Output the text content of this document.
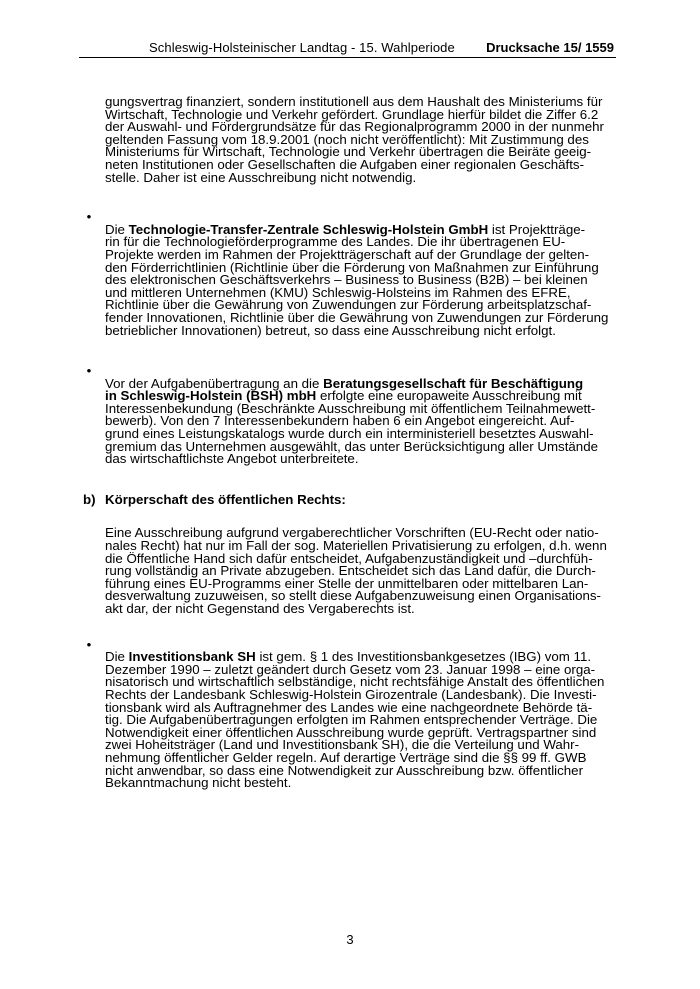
Schleswig-Holsteinischer Landtag - 15. Wahlperiode Drucksache 15/ 1559
gungsvertrag finanziert, sondern institutionell aus dem Haushalt des Ministeriums für
Wirtschaft, Technologie und Verkehr gefördert. Grundlage hierfür bildet die Ziffer 6.2
der Auswahl- und Fördergrundsätze für das Regionalprogramm 2000 in der nunmehr
geltenden Fassung vom 18.9.2001 (noch nicht veröffentlicht): Mit Zustimmung des
Ministeriums für Wirtschaft, Technologie und Verkehr übertragen die Beiräte geeig-
neten Institutionen oder Gesellschaften die Aufgaben einer regionalen Geschäfts-
stelle. Daher ist eine Ausschreibung nicht notwendig.

•
Die Technologie-Transfer-Zentrale Schleswig-Holstein GmbH ist Projektträge-
rin für die Technologieförderprogramme des Landes. Die ihr übertragenen EU-
Projekte werden im Rahmen der Projektträgerschaft auf der Grundlage der gelten-
den Förderrichtlinien (Richtlinie über die Förderung von Maßnahmen zur Einführung
des elektronischen Geschäftsverkehrs – Business to Business (B2B) – bei kleinen
und mittleren Unternehmen (KMU) Schleswig-Holsteins im Rahmen des EFRE,
Richtlinie über die Gewährung von Zuwendungen zur Förderung arbeitsplatzschaf-
fender Innovationen, Richtlinie über die Gewährung von Zuwendungen zur Förderung
betrieblicher Innovationen) betreut, so dass eine Ausschreibung nicht erfolgt.

•
Vor der Aufgabenübertragung an die Beratungsgesellschaft für Beschäftigung
in Schleswig-Holstein (BSH) mbH erfolgte eine europaweite Ausschreibung mit
Interessenbekundung (Beschränkte Ausschreibung mit öffentlichem Teilnahmewett-
bewerb). Von den 7 Interessenbekundern haben 6 ein Angebot eingereicht. Auf-
grund eines Leistungskatalogs wurde durch ein interministeriell besetztes Auswahl-
gremium das Unternehmen ausgewählt, das unter Berücksichtigung aller Umstände
das wirtschaftlichste Angebot unterbreitete.

b) Körperschaft des öffentlichen Rechts:
Eine Ausschreibung aufgrund vergaberechtlicher Vorschriften (EU-Recht oder natio-
nales Recht) hat nur im Fall der sog. Materiellen Privatisierung zu erfolgen, d.h. wenn
die Öffentliche Hand sich dafür entscheidet, Aufgabenzuständigkeit und –durchfüh-
rung vollständig an Private abzugeben. Entscheidet sich das Land dafür, die Durch-
führung eines EU-Programms einer Stelle der unmittelbaren oder mittelbaren Lan-
desverwaltung zuzuweisen, so stellt diese Aufgabenzuweisung einen Organisations-
akt dar, der nicht Gegenstand des Vergaberechts ist.

•
Die Investitionsbank SH ist gem. § 1 des Investitionsbankgesetzes (IBG) vom 11.
Dezember 1990 – zuletzt geändert durch Gesetz vom 23. Januar 1998 – eine orga-
nisatorisch und wirtschaftlich selbständige, nicht rechtsfähige Anstalt des öffentlichen
Rechts der Landesbank Schleswig-Holstein Girozentrale (Landesbank). Die Investi-
tionsbank wird als Auftragnehmer des Landes wie eine nachgeordnete Behörde tä-
tig. Die Aufgabenübertragungen erfolgten im Rahmen entsprechender Verträge. Die
Notwendigkeit einer öffentlichen Ausschreibung wurde geprüft. Vertragspartner sind
zwei Hoheitsträger (Land und Investitionsbank SH), die die Verteilung und Wahr-
nehmung öffentlicher Gelder regeln. Auf derartige Verträge sind die §§ 99 ff. GWB
nicht anwendbar, so dass eine Notwendigkeit zur Ausschreibung bzw. öffentlicher
Bekanntmachung nicht besteht.

3
